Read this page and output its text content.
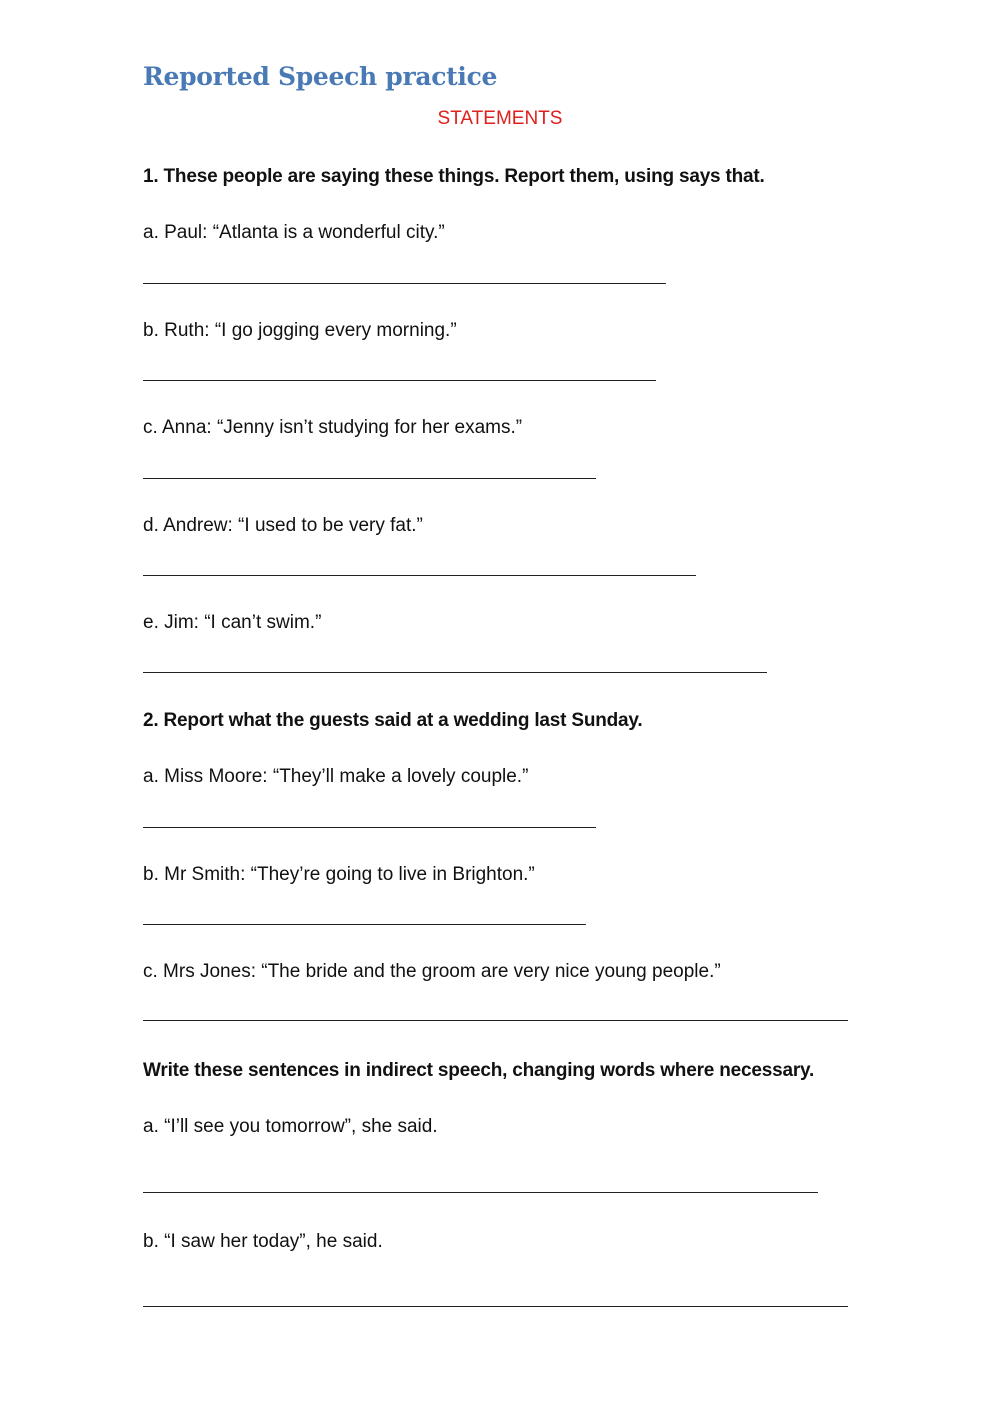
Reported Speech practice
STATEMENTS
1. These people are saying these things. Report them, using says that.
a. Paul: “Atlanta is a wonderful city.”
b. Ruth: “I go jogging every morning.”
c. Anna: “Jenny isn’t studying for her exams.”
d. Andrew: “I used to be very fat.”
e. Jim: “I can’t swim.”
2. Report what the guests said at a wedding last Sunday.
a. Miss Moore: “They’ll make a lovely couple.”
b. Mr Smith: “They’re going to live in Brighton.”
c. Mrs Jones: “The bride and the groom are very nice young people.”
Write these sentences in indirect speech, changing words where necessary.
a. “I’ll see you tomorrow”, she said.
b. “I saw her today”, he said.
